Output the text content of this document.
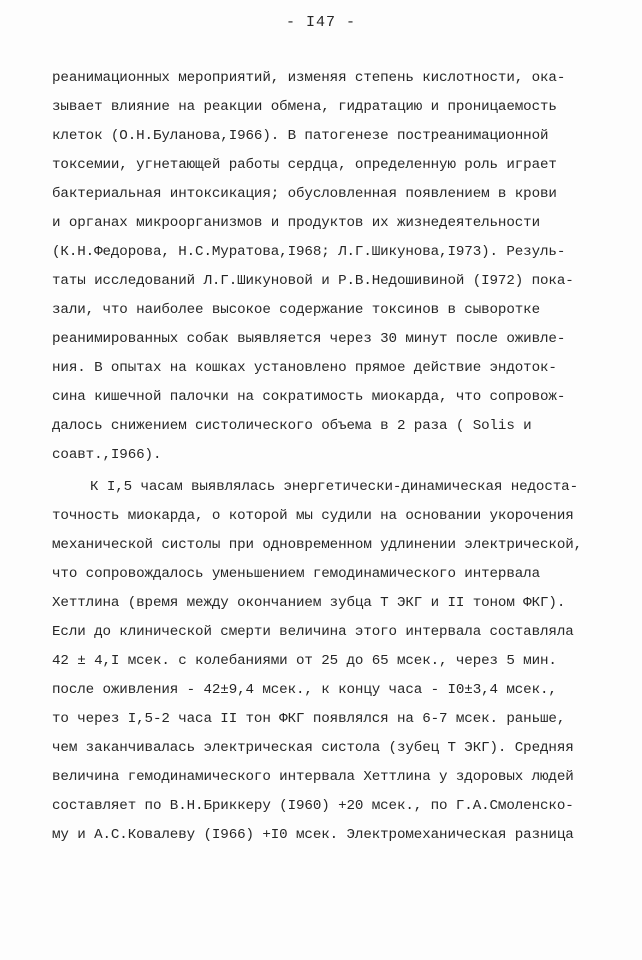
- I47 -
реанимационных мероприятий, изменяя степень кислотности, ока-
зывает влияние на реакции обмена, гидратацию и проницаемость
клеток (О.Н.Буланова,I966). В патогенезе постреанимационной
токсемии, угнетающей работы сердца, определенную роль играет
бактериальная интоксикация; обусловленная появлением в крови
и органах микроорганизмов и продуктов их жизнедеятельности
(К.Н.Федорова, Н.С.Муратова,I968; Л.Г.Шикунова,I973). Резуль-
таты исследований Л.Г.Шикуновой и Р.В.Недошивиной (I972) пока-
зали, что наиболее высокое содержание токсинов в сыворотке
реанимированных собак выявляется через 30 минут после оживле-
ния. В опытах на кошках установлено прямое действие эндоток-
сина кишечной палочки на сократимость миокарда, что сопровож-
далось снижением систолического объема в 2 раза ( Solis и
соавт.,I966).
К I,5 часам выявлялась энергетически-динамическая недоста-
точность миокарда, о которой мы судили на основании укорочения
механической систолы при одновременном удлинении электрической,
что сопровождалось уменьшением гемодинамического интервала
Хеттлина (время между окончанием зубца Т ЭКГ и II тоном ФКГ).
Если до клинической смерти величина этого интервала составляла
42 ± 4,I мсек. с колебаниями от 25 до 65 мсек., через 5 мин.
после оживления - 42±9,4 мсек., к концу часа - I0±3,4 мсек.,
то через I,5-2 часа II тон ФКГ появлялся на 6-7 мсек. раньше,
чем заканчивалась электрическая систола (зубец Т ЭКГ). Средняя
величина гемодинамического интервала Хеттлина у здоровых людей
составляет по В.Н.Бриккеру (I960) +20 мсек., по Г.А.Смоленско-
му и А.С.Ковалеву (I966) +I0 мсек. Электромеханическая разница
